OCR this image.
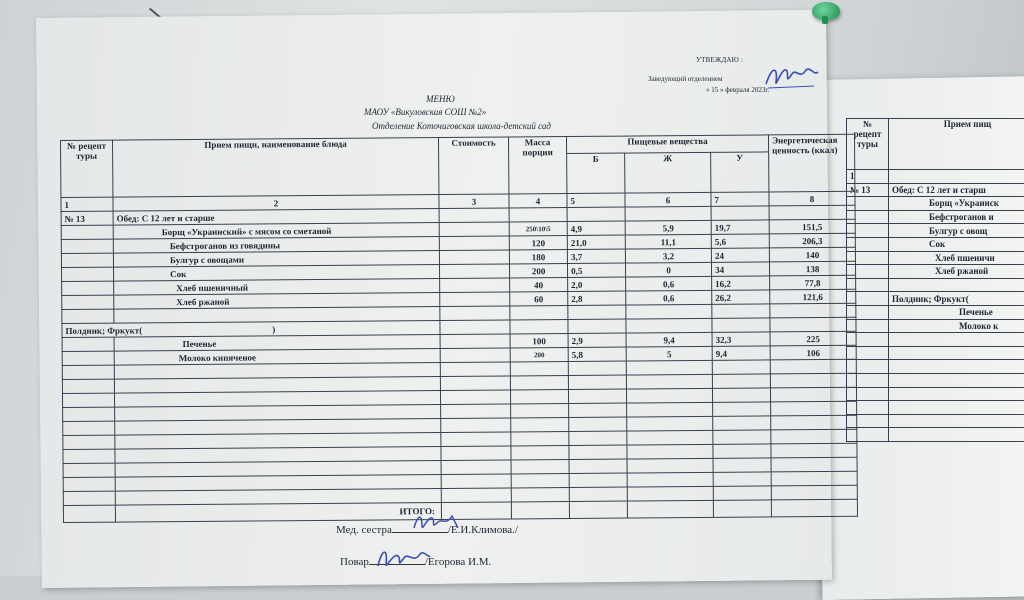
№ рецепт туры	Прием пищ
1	
№ 13	Обед: С 12 лет и старш
	Борщ «Украинск
	Бефстроганов и
	Булгур с овощ
	Сок
	Хлеб пшеничн
	Хлеб ржаной

	Полдник; Фркукт(
	Печенье
	Молоко к

УТВЕЖДАЮ :
Заведующий отделением
« 15 » февраля 2023г.
МЕНЮ
МАОУ «Викуловская СОШ №2»
Отделение Коточиговская школа-детский сад
№ рецепт туры	Прием пищи, наименование блюда	Стоимость	Масса порции	Пищевые вещества			Энергетическая ценность (ккал)
				Б	Ж	У	
1	2	3	4	5	6	7	8
№ 13	Обед: С 12 лет и старше						
	Борщ «Украинский» с мясом со сметаной		250\10\5	4,9	5,9	19,7	151,5
	Бефстроганов из говядины		120	21,0	11,1	5,6	206,3
	Булгур с овощами		180	3,7	3,2	24	140
	Сок		200	0,5	0	34	138
	Хлеб пшеничный		40	2,0	0,6	16,2	77,8
	Хлеб ржаной		60	2,8	0,6	26,2	121,6

Полдник; Фркукт( )							
	Печенье		100	2,9	9,4	32,3	225
	Молоко кипяченое		200	5,8	5	9,4	106

	ИТОГО:						
Мед. сестра	/Е.И.Климова./
Повар	/Егорова И.М.
